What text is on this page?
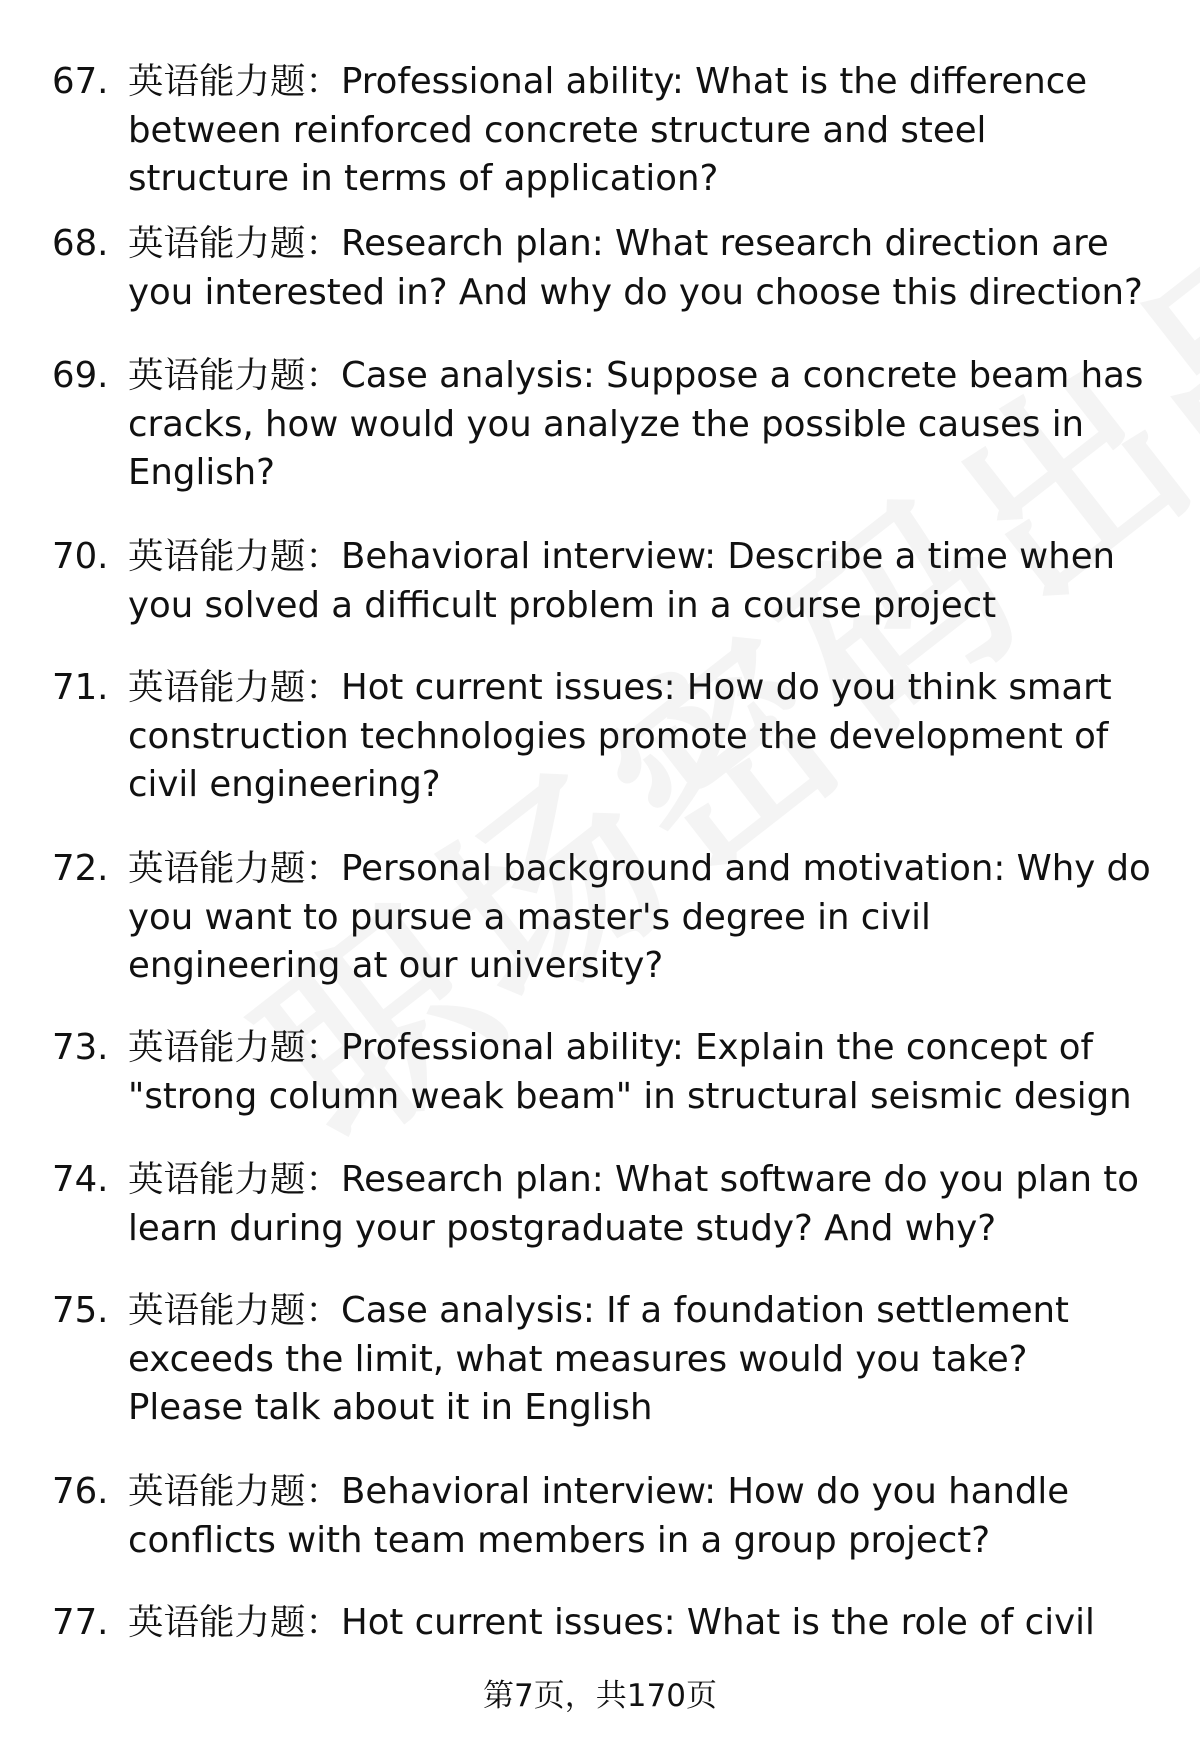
67. 英语能力题：Professional ability: What is the difference between reinforced concrete structure and steel structure in terms of application?
68. 英语能力题：Research plan: What research direction are you interested in? And why do you choose this direction?
69. 英语能力题：Case analysis: Suppose a concrete beam has cracks, how would you analyze the possible causes in English?
70. 英语能力题：Behavioral interview: Describe a time when you solved a difficult problem in a course project
71. 英语能力题：Hot current issues: How do you think smart construction technologies promote the development of civil engineering?
72. 英语能力题：Personal background and motivation: Why do you want to pursue a master's degree in civil engineering at our university?
73. 英语能力题：Professional ability: Explain the concept of "strong column weak beam" in structural seismic design
74. 英语能力题：Research plan: What software do you plan to learn during your postgraduate study? And why?
75. 英语能力题：Case analysis: If a foundation settlement exceeds the limit, what measures would you take? Please talk about it in English
76. 英语能力题：Behavioral interview: How do you handle conflicts with team members in a group project?
77. 英语能力题：Hot current issues: What is the role of civil
第7页，共170页
